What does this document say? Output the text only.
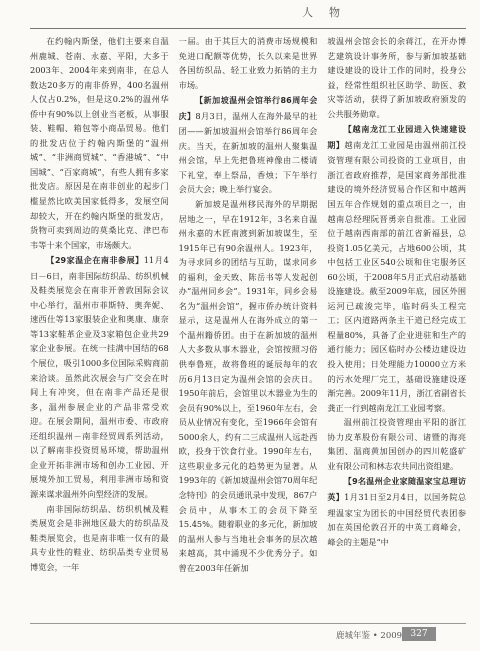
人物

在约翰内斯堡，他们主要来自温州鹿城、苍南、永嘉、平阳，大多于2003年、2004年来到南非，在总人数达20多万的南非侨界，400名温州人仅占0.2%，但是这0.2%的温州华侨中有90%以上创业当老板，从事服装、鞋帽、箱包等小商品贸易。他们的批发店位于约翰内斯堡的“温州城”、“非洲商贸城”、“香港城”、“中国城”、“百家商城”，有些人拥有多家批发店。原因是在南非创业的起步门槛显然比欧美国家低得多，发展空间却较大，开在约翰内斯堡的批发店，货物可卖到周边的莫桑比克、津巴布韦等十来个国家，市场颇大。

【29家温企在南非参展】11月4日－6日，南非国际纺织品、纺织机械及鞋类展览会在南非开普敦国际会议中心举行，温州市菲斯特、奥奔妮、速西仕等13家服装企业和奥康、康奈等13家鞋革企业及3家箱包企业共29家企业参展。在统一挂满中国结的68个展位，吸引1000多位国际采购商前来洽谈。虽然此次展会与广交会在时间上有冲突，但在南非产品还是很多，温州参展企业的产品非常受欢迎。在展会期间，温州市委、市政府还组织温州－南非经贸周系列活动，以了解南非投资贸易环境，帮助温州企业开拓非洲市场和创办工业园、开展境外加工贸易，利用非洲市场和资源来谋求温州外向型经济的发展。

南非国际纺织品、纺织机械及鞋类展览会是非洲地区最大的纺织品及鞋类展览会，也是南非唯一仅有的最具专业性的鞋业、纺织品类专业贸易博览会，一年

一届。由于其巨大的消费市场规模和免进口配额等优势，长久以来是世界各国纺织品、轻工业致力拓销的主力市场。

【新加坡温州会馆举行86周年会庆】8月3日，温州人在海外最早的社团——新加坡温州会馆举行86周年会庆。当天，在新加坡的温州人聚集温州会馆，早上先把鲁班神像由二楼请下礼堂，奉上祭品，香烛；下午举行会员大会；晚上举行宴会。

新加坡是温州移民海外的早期据居地之一，早在1912年，3名来自温州永嘉的木匠南渡到新加坡谋生，至1915年已有90余温州人。1923年，为寻求同乡的团结与互助，谋求同乡的福利，金天致、陈岳书等人发起创办“温州同乡会”。1931年，同乡会易名为“温州会馆”，握市侨办统计资料显示，这是温州人在海外成立的第一个温州籍侨团。由于在新加坡的温州人大多数从事木器业，会馆按照习俗供奉鲁班，故将鲁班的诞辰每年的农历6月13日定为温州会馆的会庆日。1950年前后，会馆里以木器业为生的会员有90%以上，至1960年左右，会员从业情况有变化，至1966年会馆有5000余人，约有二三成温州人远赴西欧，投身于饮食行业。1990年左右，这些职业多元化的趋势更为显著。从1993年的《新加坡温州会馆70周年纪念特刊》的会员通讯录中发现，867户会员中，从事木工的会员下降至15.45%。随着职业的多元化，新加坡的温州人参与当地社会事务的层次越来越高，其中涌现不少优秀分子。如曾在2003年任新加

坡温州会馆会长的余蒋江，在开办博艺建筑设计事务所，参与新加坡基础建设建设的设计工作的同时，投身公益，经常性组织社区助学、助医、救灾等活动，获得了新加坡政府颁发的公共服务勋章。

【越南龙江工业园进入快速建设期】越南龙江工业园是由温州前江投资管理有限公司投资的工业项目，由浙江省政府推荐，是国家商务部批准建设的境外经济贸易合作区和中越两国五年合作规划的重点项目之一，由越南总经理阮晋勇亲自批准。工业园位于越南西南部的前江省新福县，总投资1.05亿美元，占地600公顷，其中包括工业区540公顷和住宅服务区60公顷，于2008年5月正式启动基础设施建设。截至2009年底，园区外围运河已疏浚完毕，临时码头工程完工；区内道路两条主干道已经完成工程量80%，具备了企业进驻和生产的通行能力；园区临时办公楼边建设边投入使用；日处理能力10000立方米的污水处理厂完工，基础设施建设逐渐完善。2009年11月，浙江省副省长龚正一行到越南龙江工业园考察。

温州前江投资管理由平阳的浙江协力皮革股份有限公司、诸暨的海亮集团、温商黄加国创办的四川乾盛矿业有限公司和林志农共同出资组建。

【9名温州企业家随温家宝总理访英】1月31日至2月4日，以国务院总理温家宝为团长的中国经贸代表团参加在英国伦敦召开的中英工商峰会，峰会的主题是“中

鹿城年鉴 • 2009 327
